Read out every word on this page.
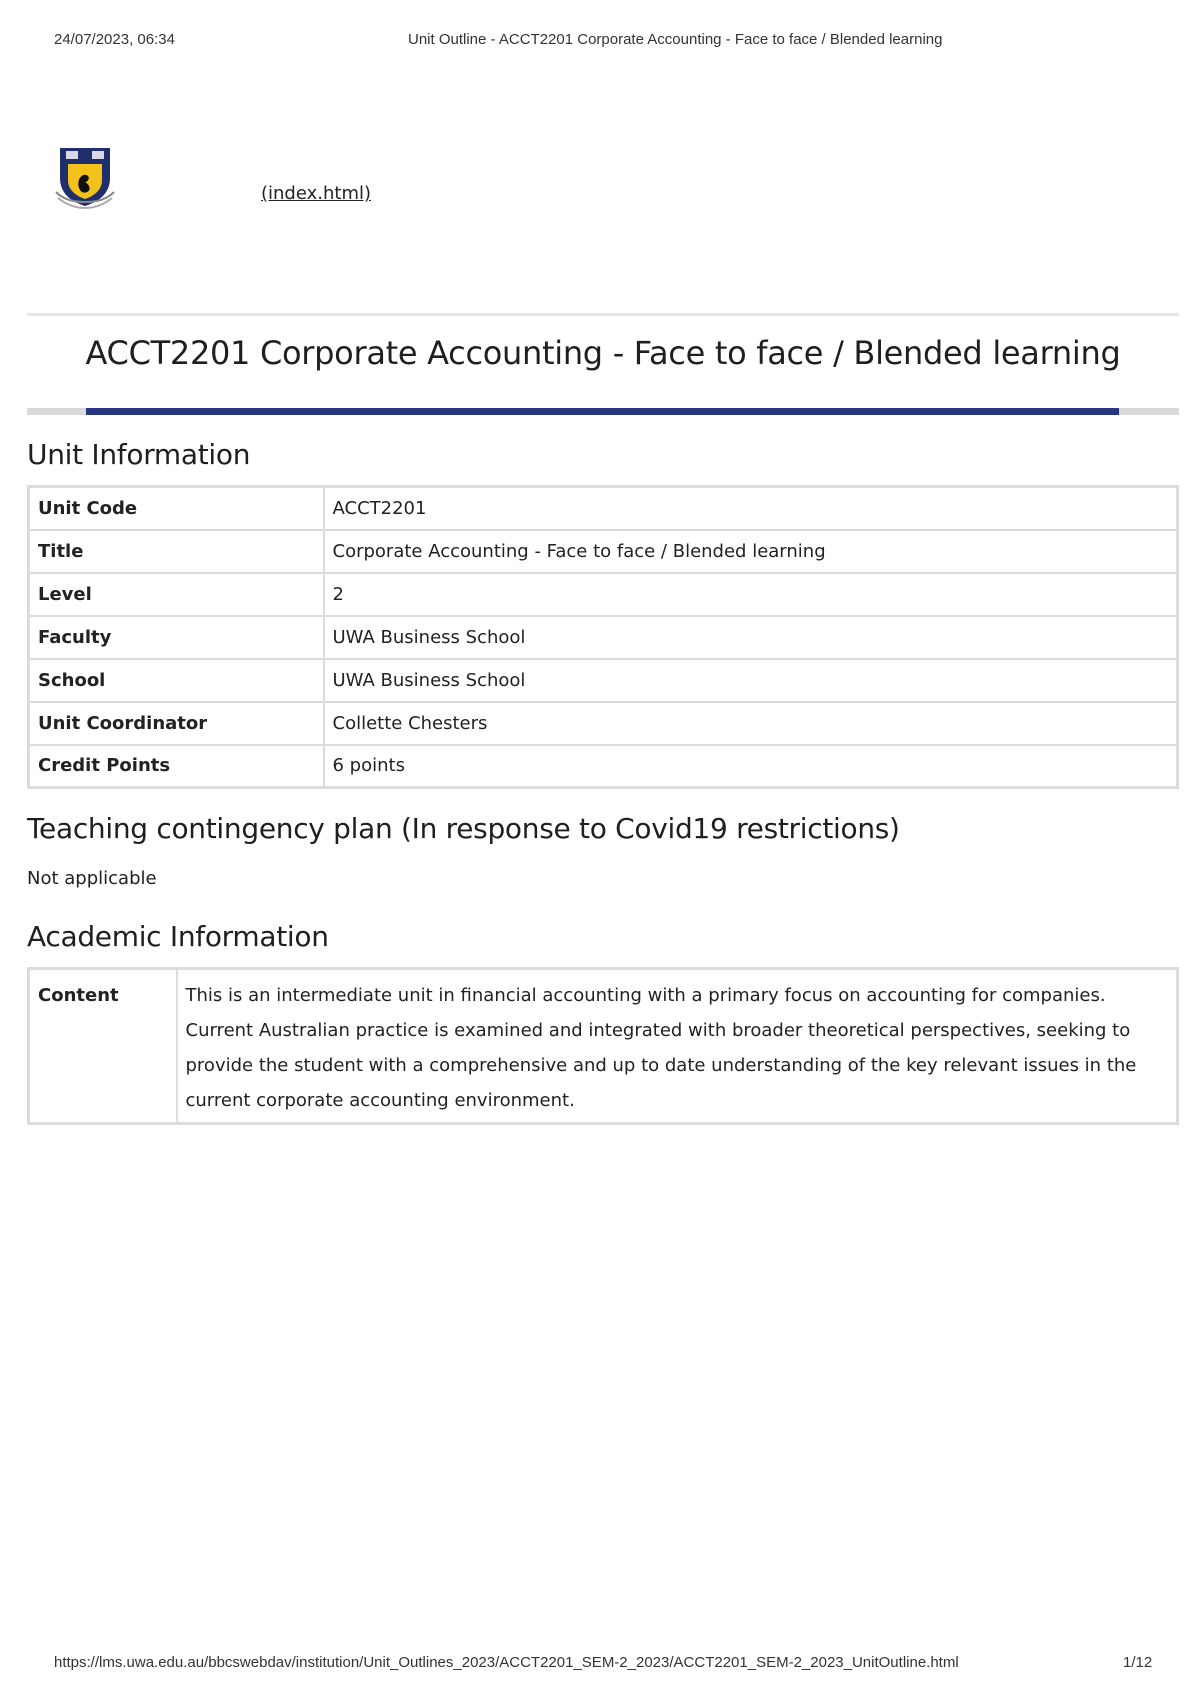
24/07/2023, 06:34	Unit Outline - ACCT2201 Corporate Accounting - Face to face / Blended learning
(index.html)
ACCT2201 Corporate Accounting - Face to face / Blended learning
Unit Information
Unit Code	ACCT2201
Title	Corporate Accounting - Face to face / Blended learning
Level	2
Faculty	UWA Business School
School	UWA Business School
Unit Coordinator	Collette Chesters
Credit Points	6 points
Teaching contingency plan (In response to Covid19 restrictions)

Not applicable

Academic Information
Content	This is an intermediate unit in financial accounting with a primary focus on accounting for companies. Current Australian practice is examined and integrated with broader theoretical perspectives, seeking to provide the student with a comprehensive and up to date understanding of the key relevant issues in the current corporate accounting environment.
https://lms.uwa.edu.au/bbcswebdav/institution/Unit_Outlines_2023/ACCT2201_SEM-2_2023/ACCT2201_SEM-2_2023_UnitOutline.html	1/12
